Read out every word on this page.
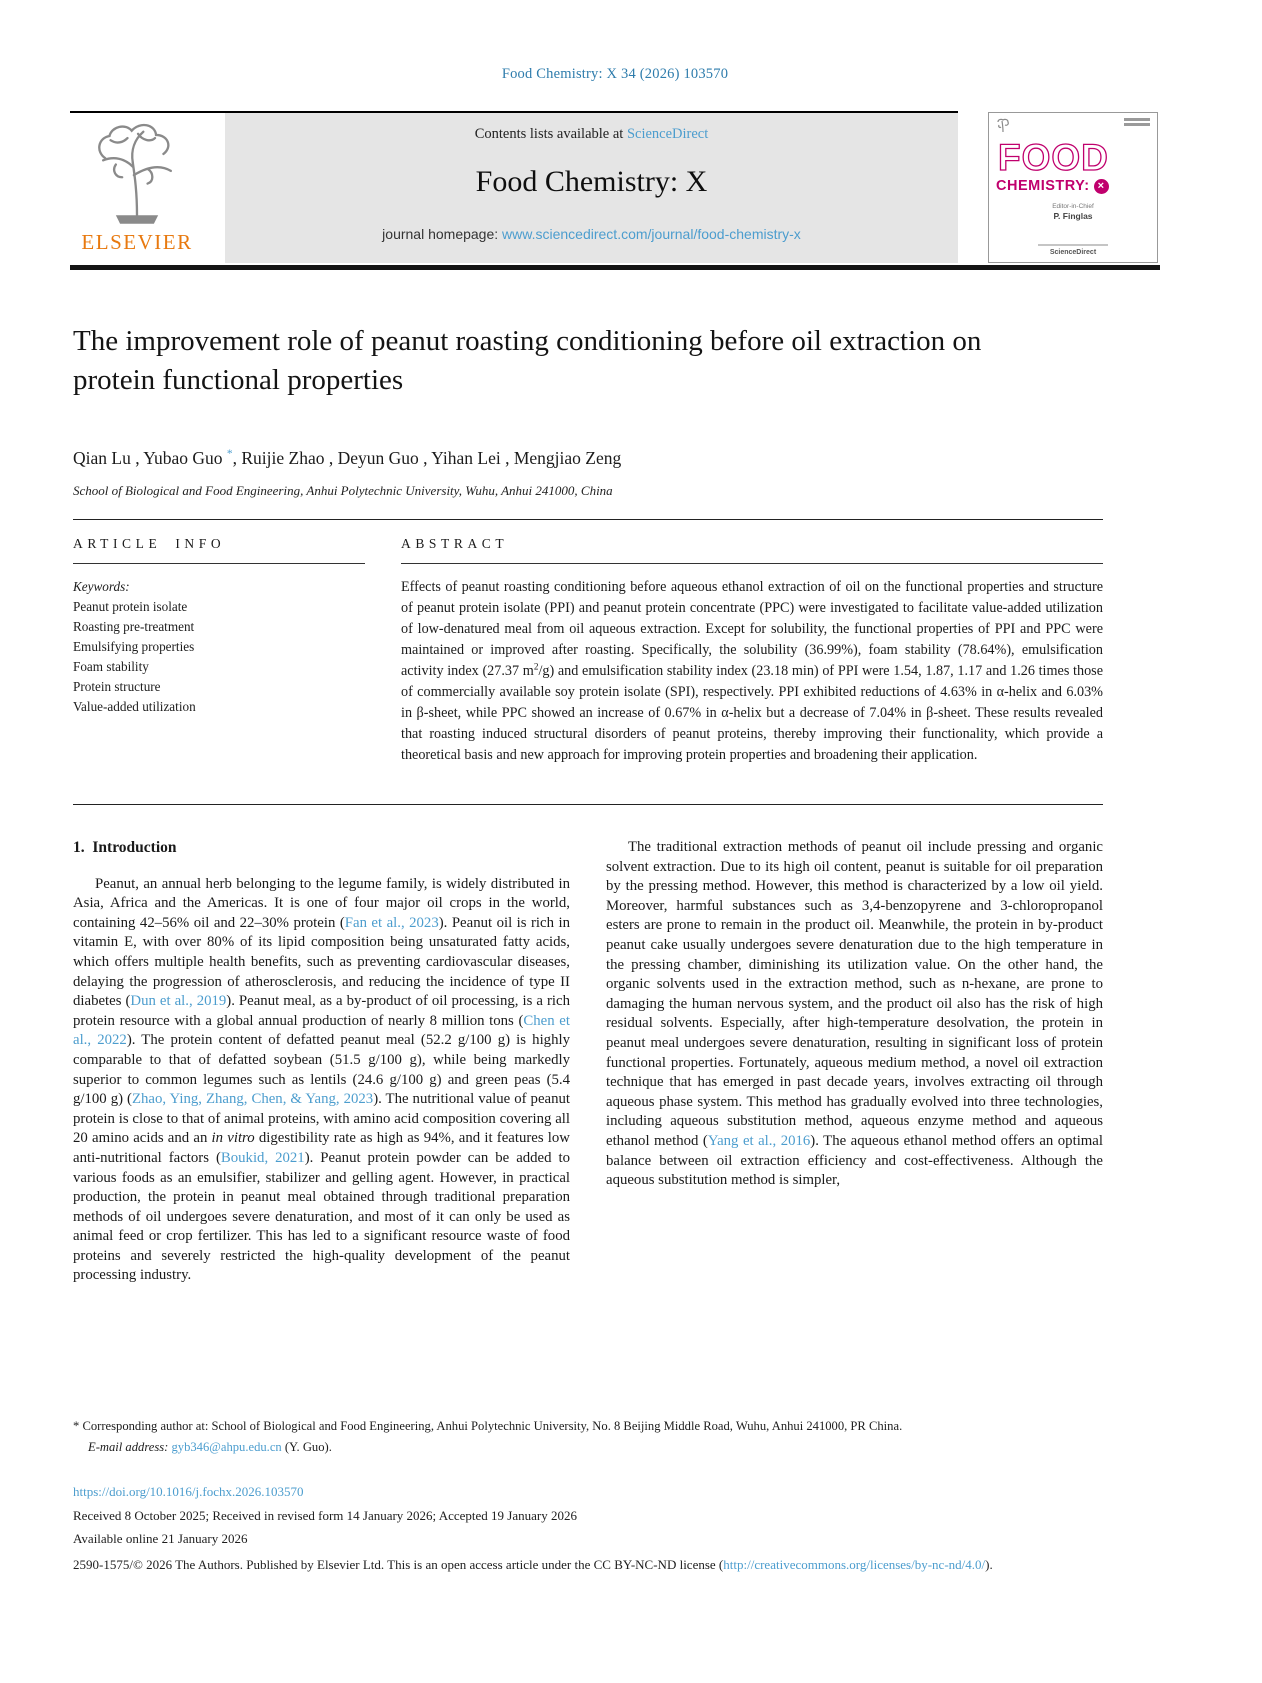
Food Chemistry: X 34 (2026) 103570
ELSEVIER
Contents lists available at ScienceDirect
Food Chemistry: X
journal homepage: www.sciencedirect.com/journal/food-chemistry-x
FOOD
CHEMISTRY: ×
Editor-in-Chief
P. Finglas
ScienceDirect
The improvement role of peanut roasting conditioning before oil extraction on protein functional properties
Qian Lu , Yubao Guo *, Ruijie Zhao , Deyun Guo , Yihan Lei , Mengjiao Zeng
School of Biological and Food Engineering, Anhui Polytechnic University, Wuhu, Anhui 241000, China
ARTICLE INFO
Keywords:
Peanut protein isolate
Roasting pre-treatment
Emulsifying properties
Foam stability
Protein structure
Value-added utilization
ABSTRACT
Effects of peanut roasting conditioning before aqueous ethanol extraction of oil on the functional properties and structure of peanut protein isolate (PPI) and peanut protein concentrate (PPC) were investigated to facilitate value-added utilization of low-denatured meal from oil aqueous extraction. Except for solubility, the functional properties of PPI and PPC were maintained or improved after roasting. Specifically, the solubility (36.99%), foam stability (78.64%), emulsification activity index (27.37 $m^2/g$) and emulsification stability index (23.18 min) of PPI were 1.54, 1.87, 1.17 and 1.26 times those of commercially available soy protein isolate (SPI), respectively. PPI exhibited reductions of 4.63% in α-helix and 6.03% in β-sheet, while PPC showed an increase of 0.67% in α-helix but a decrease of 7.04% in β-sheet. These results revealed that roasting induced structural disorders of peanut proteins, thereby improving their functionality, which provide a theoretical basis and new approach for improving protein properties and broadening their application.
1. Introduction

Peanut, an annual herb belonging to the legume family, is widely distributed in Asia, Africa and the Americas. It is one of four major oil crops in the world, containing 42–56% oil and 22–30% protein (Fan et al., 2023). Peanut oil is rich in vitamin E, with over 80% of its lipid composition being unsaturated fatty acids, which offers multiple health benefits, such as preventing cardiovascular diseases, delaying the progression of atherosclerosis, and reducing the incidence of type II diabetes (Dun et al., 2019). Peanut meal, as a by-product of oil processing, is a rich protein resource with a global annual production of nearly 8 million tons (Chen et al., 2022). The protein content of defatted peanut meal (52.2 g/100 g) is highly comparable to that of defatted soybean (51.5 g/100 g), while being markedly superior to common legumes such as lentils (24.6 g/100 g) and green peas (5.4 g/100 g) (Zhao, Ying, Zhang, Chen, & Yang, 2023). The nutritional value of peanut protein is close to that of animal proteins, with amino acid composition covering all 20 amino acids and an in vitro digestibility rate as high as 94%, and it features low anti-nutritional factors (Boukid, 2021). Peanut protein powder can be added to various foods as an emulsifier, stabilizer and gelling agent. However, in practical production, the protein in peanut meal obtained through traditional preparation methods of oil undergoes severe denaturation, and most of it can only be used as animal feed or crop fertilizer. This has led to a significant resource waste of food proteins and severely restricted the high-quality development of the peanut processing industry.

The traditional extraction methods of peanut oil include pressing and organic solvent extraction. Due to its high oil content, peanut is suitable for oil preparation by the pressing method. However, this method is characterized by a low oil yield. Moreover, harmful substances such as 3,4-benzopyrene and 3-chloropropanol esters are prone to remain in the product oil. Meanwhile, the protein in by-product peanut cake usually undergoes severe denaturation due to the high temperature in the pressing chamber, diminishing its utilization value. On the other hand, the organic solvents used in the extraction method, such as n-hexane, are prone to damaging the human nervous system, and the product oil also has the risk of high residual solvents. Especially, after high-temperature desolvation, the protein in peanut meal undergoes severe denaturation, resulting in significant loss of protein functional properties. Fortunately, aqueous medium method, a novel oil extraction technique that has emerged in past decade years, involves extracting oil through aqueous phase system. This method has gradually evolved into three technologies, including aqueous substitution method, aqueous enzyme method and aqueous ethanol method (Yang et al., 2016). The aqueous ethanol method offers an optimal balance between oil extraction efficiency and cost-effectiveness. Although the aqueous substitution method is simpler,

* Corresponding author at: School of Biological and Food Engineering, Anhui Polytechnic University, No. 8 Beijing Middle Road, Wuhu, Anhui 241000, PR China.
E-mail address: gyb346@ahpu.edu.cn (Y. Guo).
https://doi.org/10.1016/j.fochx.2026.103570
Received 8 October 2025; Received in revised form 14 January 2026; Accepted 19 January 2026
Available online 21 January 2026
2590-1575/© 2026 The Authors. Published by Elsevier Ltd. This is an open access article under the CC BY-NC-ND license (http://creativecommons.org/licenses/by-nc-nd/4.0/).
